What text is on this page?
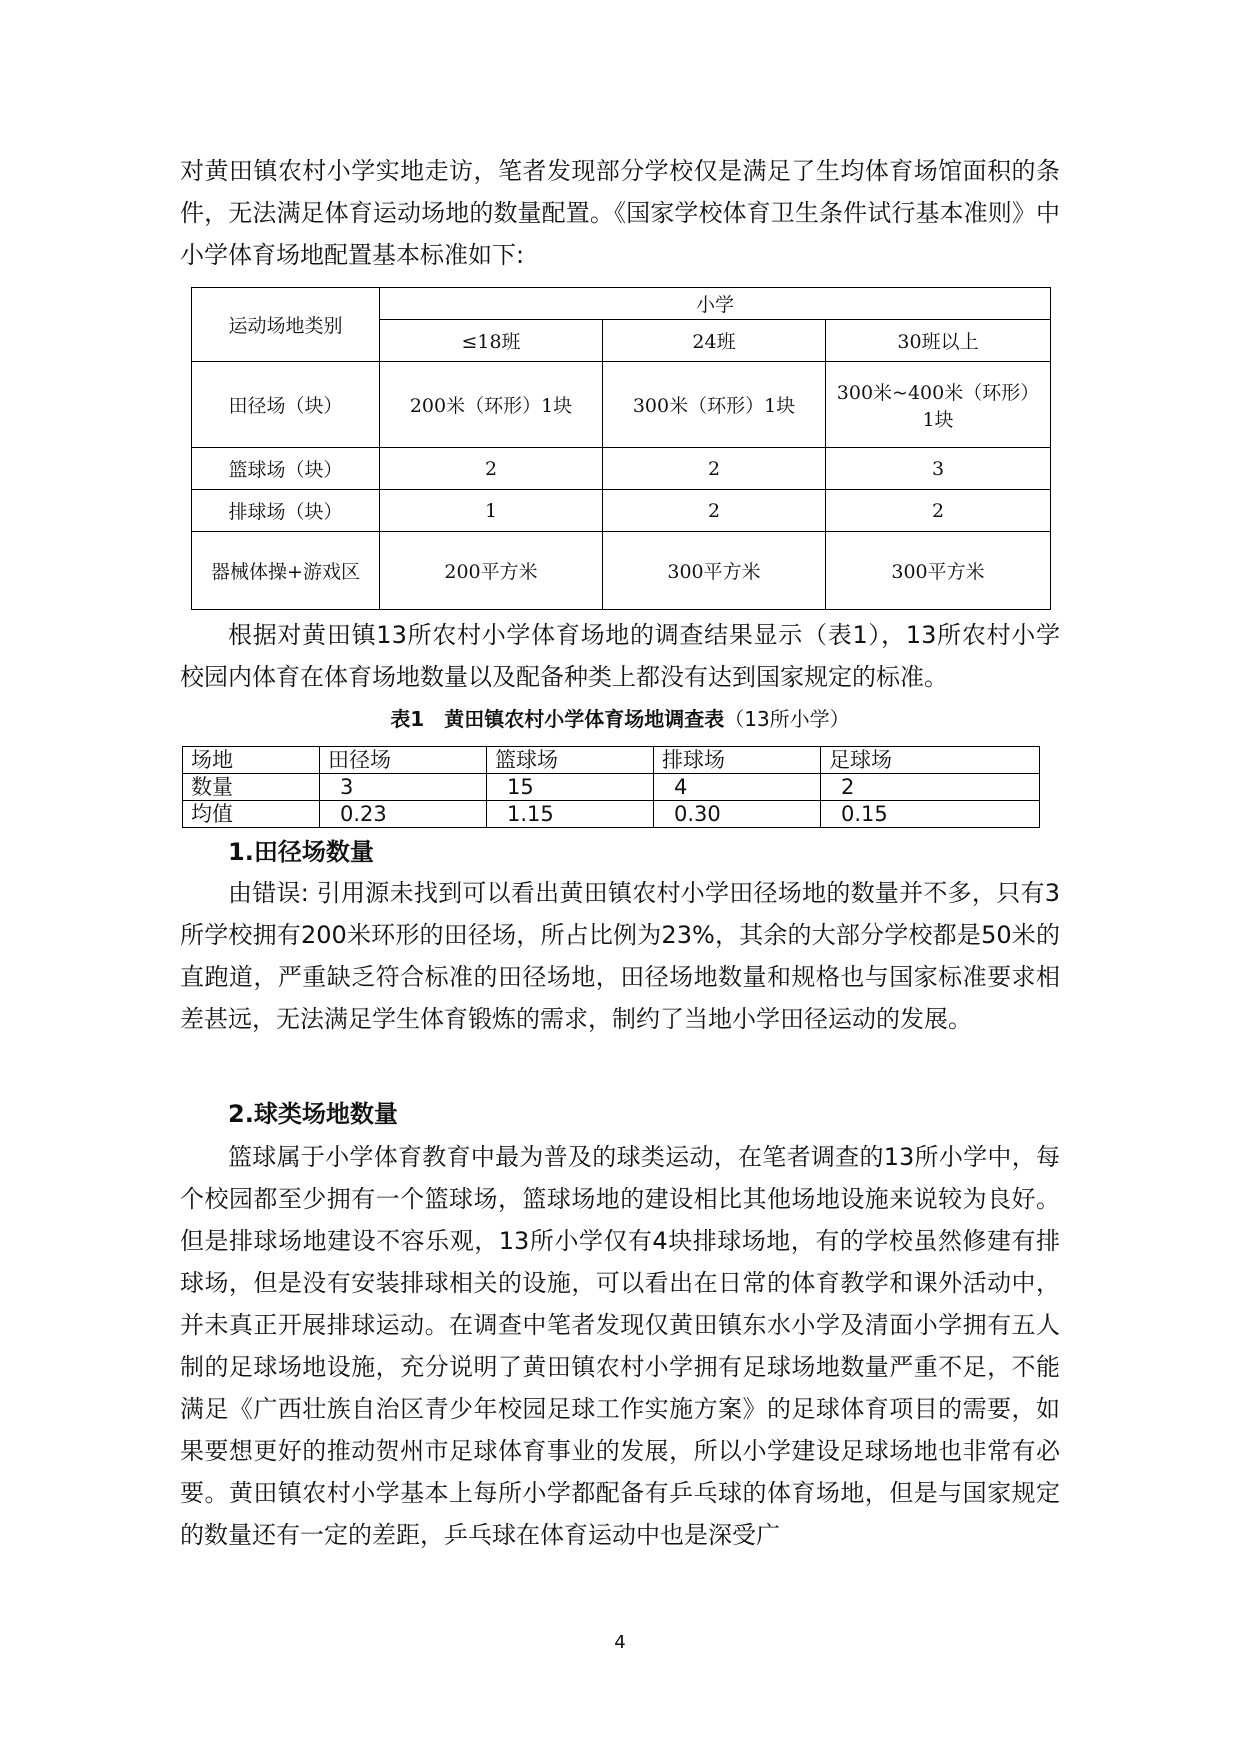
对黄田镇农村小学实地走访，笔者发现部分学校仅是满足了生均体育场馆面积的条件，无法满足体育运动场地的数量配置。《国家学校体育卫生条件试行基本准则》中小学体育场地配置基本标准如下:

运动场地类别	小学		
	≤18班	24班	30班以上
田径场（块）	200米（环形）1块	300米（环形）1块	300米~400米（环形）1块
篮球场（块）	2	2	3
排球场（块）	1	2	2
器械体操+游戏区	200平方米	300平方米	300平方米

根据对黄田镇13所农村小学体育场地的调查结果显示（表1），13所农村小学校园内体育在体育场地数量以及配备种类上都没有达到国家规定的标准。

表1　 黄田镇农村小学体育场地调查表（13所小学）

场地	田径场	篮球场	排球场	足球场
数量	3	15	4	2
均值	0.23	1.15	0.30	0.15

1.田径场数量

由错误: 引用源未找到可以看出黄田镇农村小学田径场地的数量并不多，只有3所学校拥有200米环形的田径场，所占比例为23%，其余的大部分学校都是50米的直跑道，严重缺乏符合标准的田径场地，田径场地数量和规格也与国家标准要求相差甚远，无法满足学生体育锻炼的需求，制约了当地小学田径运动的发展。

2.球类场地数量

篮球属于小学体育教育中最为普及的球类运动，在笔者调查的13所小学中，每个校园都至少拥有一个篮球场，篮球场地的建设相比其他场地设施来说较为良好。但是排球场地建设不容乐观，13所小学仅有4块排球场地，有的学校虽然修建有排球场，但是没有安装排球相关的设施，可以看出在日常的体育教学和课外活动中，并未真正开展排球运动。在调查中笔者发现仅黄田镇东水小学及清面小学拥有五人制的足球场地设施，充分说明了黄田镇农村小学拥有足球场地数量严重不足，不能满足《广西壮族自治区青少年校园足球工作实施方案》的足球体育项目的需要，如果要想更好的推动贺州市足球体育事业的发展，所以小学建设足球场地也非常有必要。黄田镇农村小学基本上每所小学都配备有乒乓球的体育场地，但是与国家规定的数量还有一定的差距，乒乓球在体育运动中也是深受广

4
